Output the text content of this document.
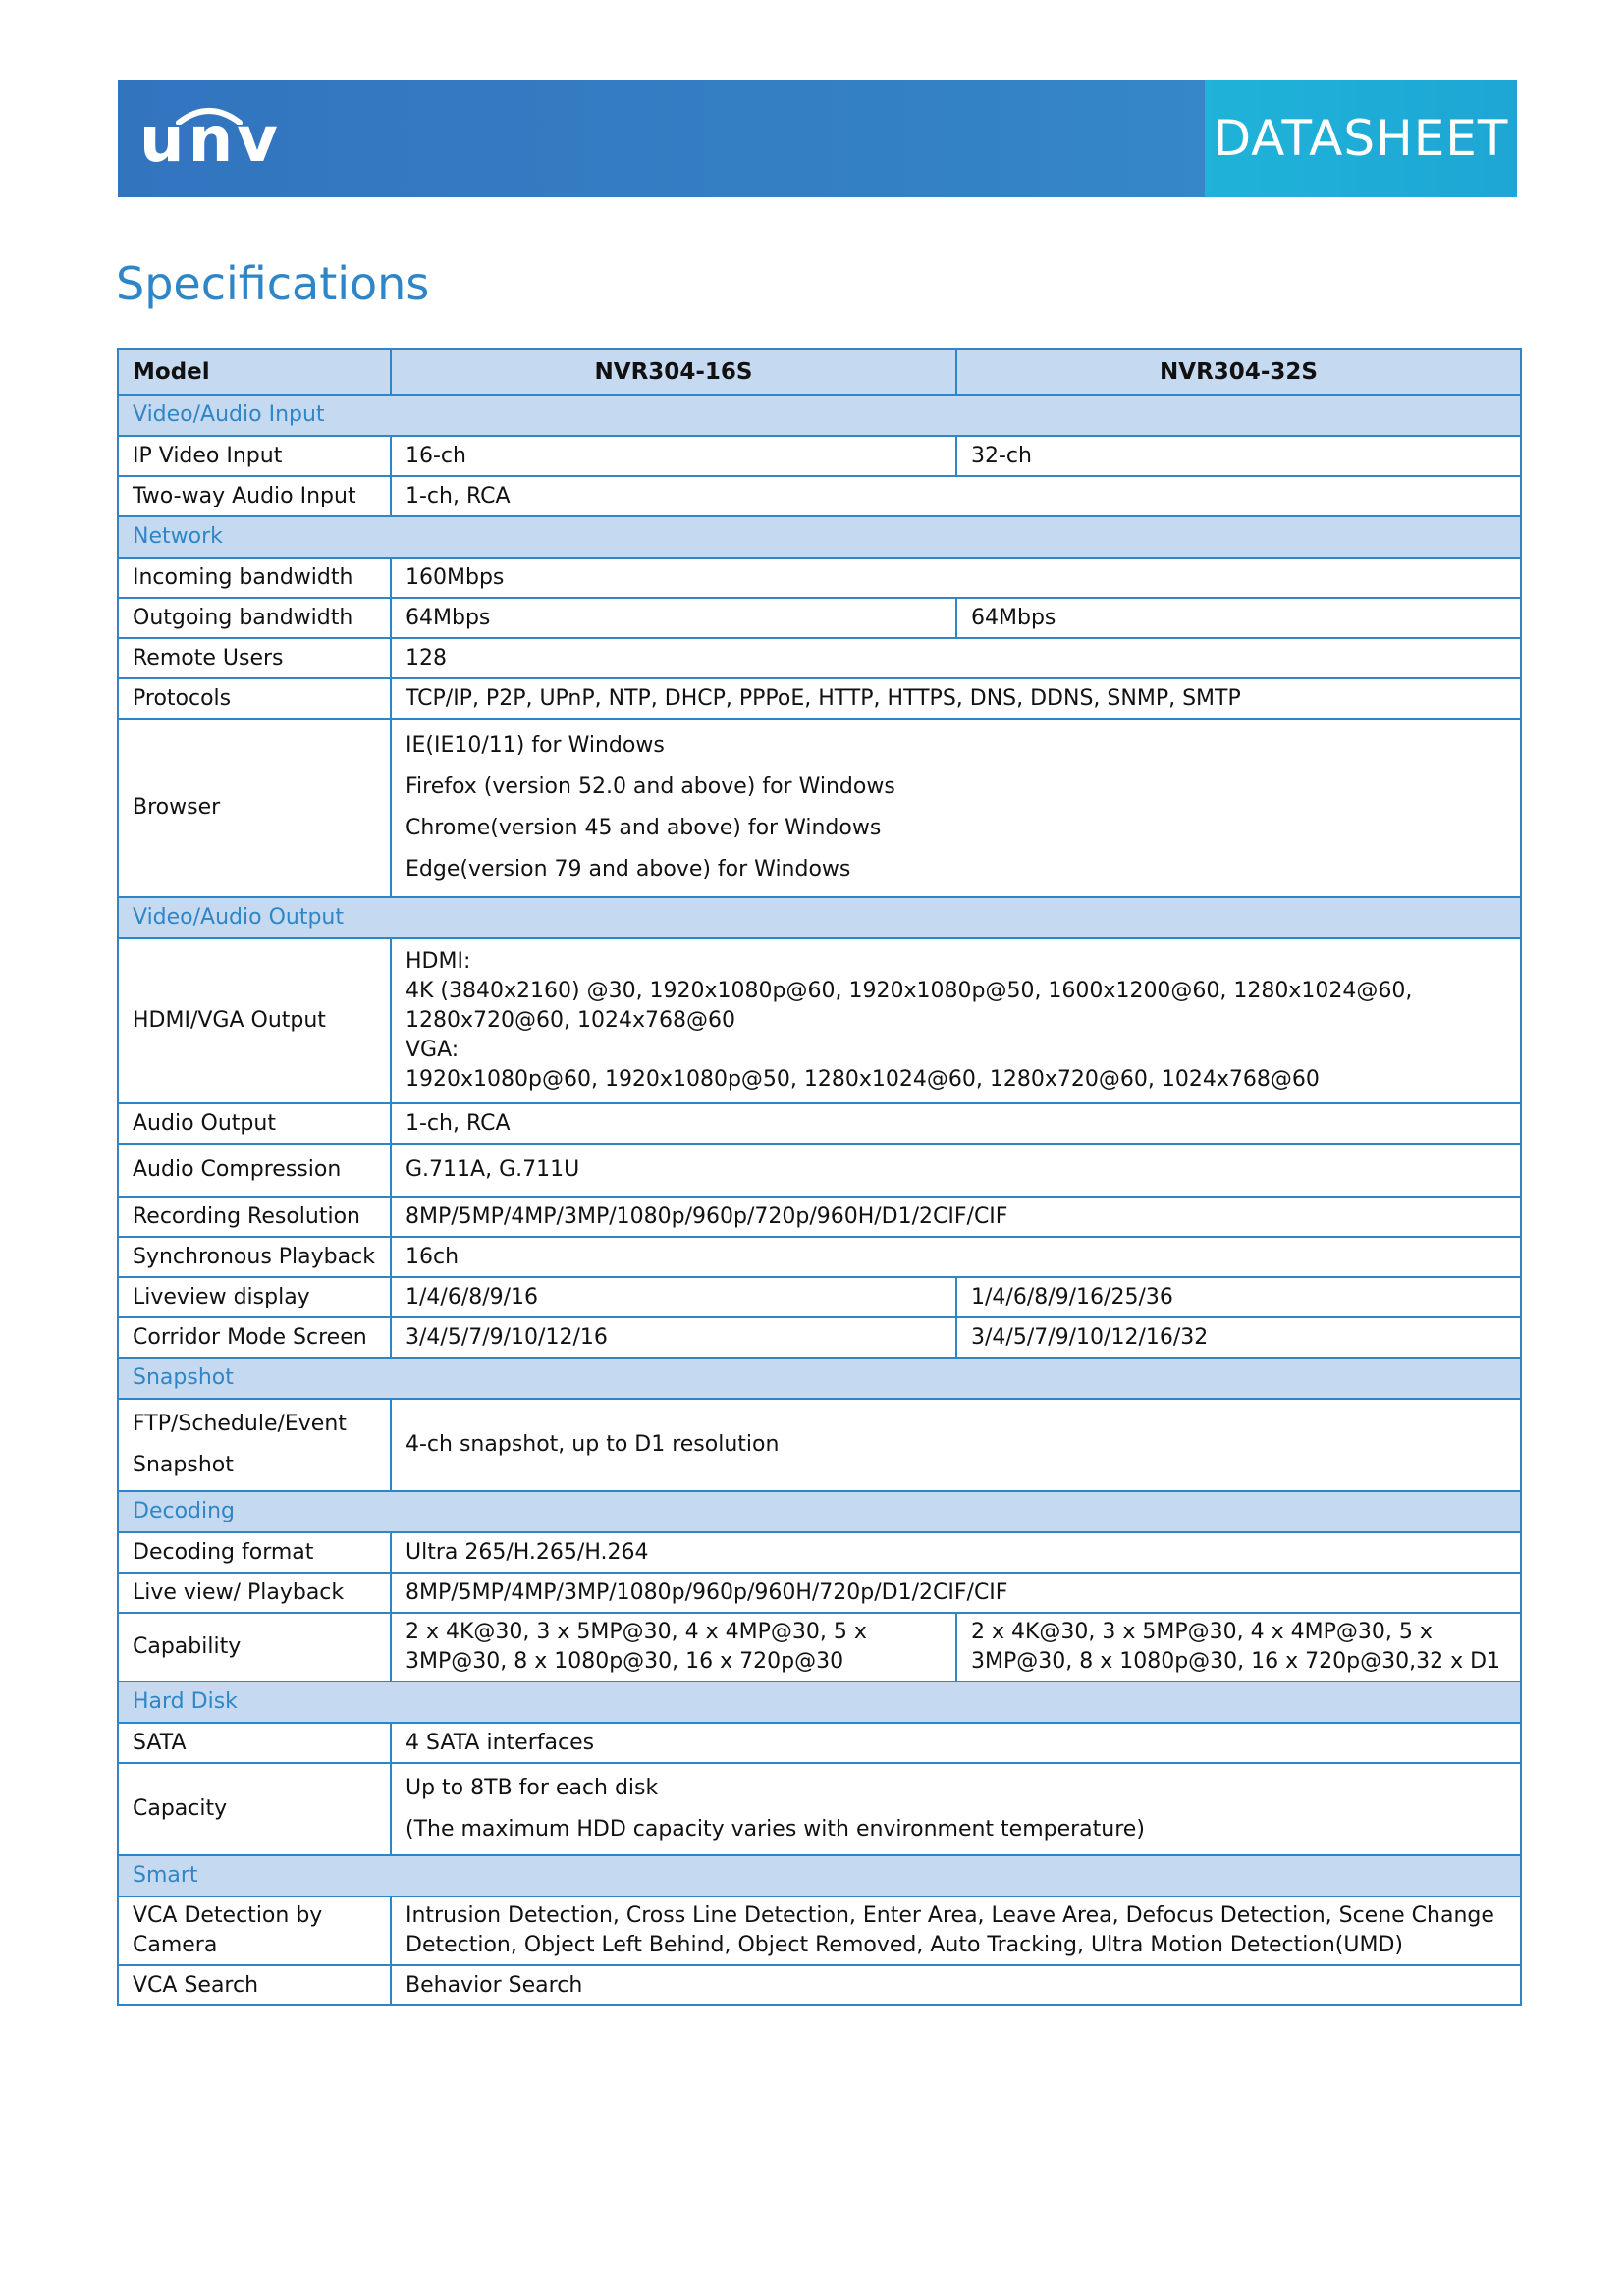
unv	DATASHEET
Specifications
Model	NVR304-16S	NVR304-32S
Video/Audio Input		
IP Video Input	16-ch	32-ch
Two-way Audio Input	1-ch, RCA	
Network		
Incoming bandwidth	160Mbps	
Outgoing bandwidth	64Mbps	64Mbps
Remote Users	128	
Protocols	TCP/IP, P2P, UPnP, NTP, DHCP, PPPoE, HTTP, HTTPS, DNS, DDNS, SNMP, SMTP	
Browser	IE(IE10/11) for Windows
Firefox (version 52.0 and above) for Windows
Chrome(version 45 and above) for Windows
Edge(version 79 and above) for Windows	

Video/Audio Output		
HDMI/VGA Output	HDMI:
4K (3840x2160) @30, 1920x1080p@60, 1920x1080p@50, 1600x1200@60, 1280x1024@60, 1280x720@60, 1024x768@60
VGA:
1920x1080p@60, 1920x1080p@50, 1280x1024@60, 1280x720@60, 1024x768@60	

Audio Output	1-ch, RCA	
Audio Compression	G.711A, G.711U	
Recording Resolution	8MP/5MP/4MP/3MP/1080p/960p/720p/960H/D1/2CIF/CIF	
Synchronous Playback	16ch	
Liveview display	1/4/6/8/9/16	1/4/6/8/9/16/25/36
Corridor Mode Screen	3/4/5/7/9/10/12/16	3/4/5/7/9/10/12/16/32
Snapshot		

FTP/Schedule/Event
Snapshot	4-ch snapshot, up to D1 resolution	
Decoding		
Decoding format	Ultra 265/H.265/H.264	
Live view/ Playback	8MP/5MP/4MP/3MP/1080p/960p/960H/720p/D1/2CIF/CIF	
Capability	2 x 4K@30, 3 x 5MP@30, 4 x 4MP@30, 5 x 3MP@30, 8 x 1080p@30, 16 x 720p@30	2 x 4K@30, 3 x 5MP@30, 4 x 4MP@30, 5 x 3MP@30, 8 x 1080p@30, 16 x 720p@30,32 x D1
Hard Disk		
SATA	4 SATA interfaces	
Capacity	Up to 8TB for each disk
(The maximum HDD capacity varies with environment temperature)	

Smart		
VCA Detection by Camera	Intrusion Detection, Cross Line Detection, Enter Area, Leave Area, Defocus Detection, Scene Change Detection, Object Left Behind, Object Removed, Auto Tracking, Ultra Motion Detection(UMD)	
VCA Search	Behavior Search	
